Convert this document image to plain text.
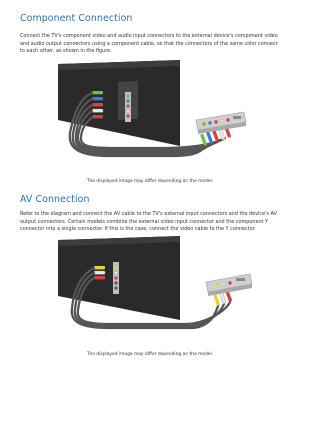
Component Connection

Connect the TV's component video and audio input connectors to the external device's component video and audio output connectors using a component cable, so that the connectors of the same color connect to each other, as shown in the figure.

The displayed image may differ depending on the model.

AV Connection

Refer to the diagram and connect the AV cable to the TV's external input connectors and the device's AV output connectors. Certain models combine the external video input connector and the component Y connector into a single connector. If this is the case, connect the video cable to the Y connector.

The displayed image may differ depending on the model.
